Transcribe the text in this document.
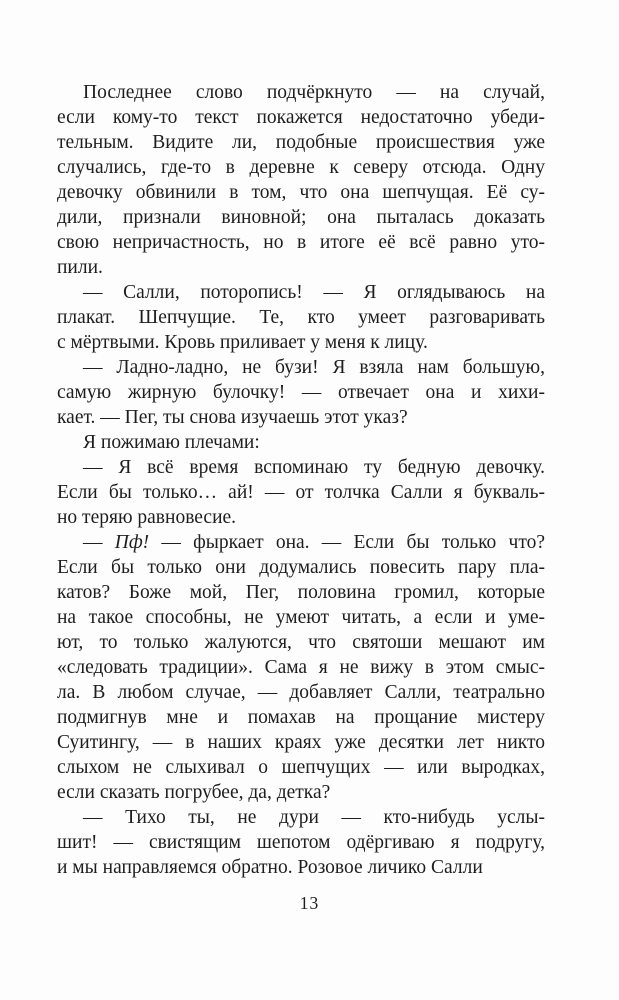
Последнее слово подчёркнуто — на случай,
если кому-то текст покажется недостаточно убеди-
тельным. Видите ли, подобные происшествия уже
случались, где-то в деревне к северу отсюда. Одну
девочку обвинили в том, что она шепчущая. Её су-
дили, признали виновной; она пыталась доказать
свою непричастность, но в итоге её всё равно уто-
пили.
— Салли, поторопись! — Я оглядываюсь на
плакат. Шепчущие. Те, кто умеет разговаривать
с мёртвыми. Кровь приливает у меня к лицу.
— Ладно-ладно, не бузи! Я взяла нам большую,
самую жирную булочку! — отвечает она и хихи-
кает. — Пег, ты снова изучаешь этот указ?
Я пожимаю плечами:
— Я всё время вспоминаю ту бедную девочку.
Если бы только… ай! — от толчка Салли я букваль-
но теряю равновесие.
— Пф! — фыркает она. — Если бы только что?
Если бы только они додумались повесить пару пла-
катов? Боже мой, Пег, половина громил, которые
на такое способны, не умеют читать, а если и уме-
ют, то только жалуются, что святоши мешают им
«следовать традиции». Сама я не вижу в этом смыс-
ла. В любом случае, — добавляет Салли, театрально
подмигнув мне и помахав на прощание мистеру
Суитингу, — в наших краях уже десятки лет никто
слыхом не слыхивал о шепчущих — или выродках,
если сказать погрубее, да, детка?
— Тихо ты, не дури — кто-нибудь услы-
шит! — свистящим шепотом одёргиваю я подругу,
и мы направляемся обратно. Розовое личико Салли
13
